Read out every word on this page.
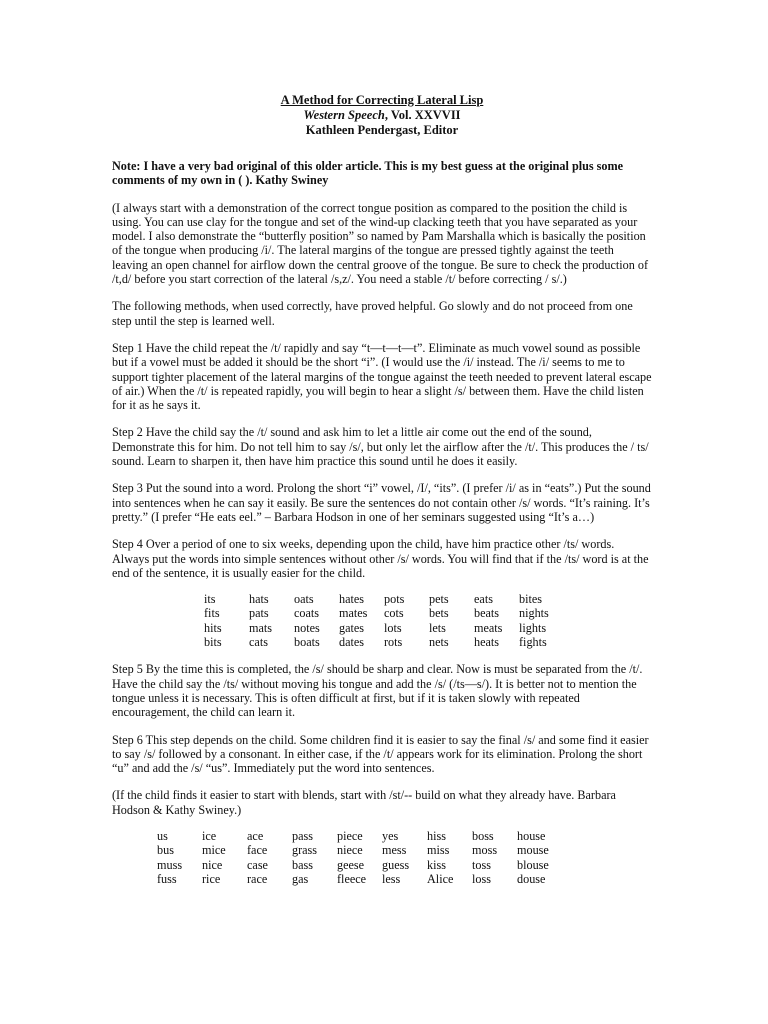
A Method for Correcting Lateral Lisp
Western Speech, Vol. XXVVII
Kathleen Pendergast, Editor

Note: I have a very bad original of this older article. This is my best guess at the original plus some comments of my own in ( ). Kathy Swiney

(I always start with a demonstration of the correct tongue position as compared to the position the child is using. You can use clay for the tongue and set of the wind-up clacking teeth that you have separated as your model. I also demonstrate the “butterfly position” so named by Pam Marshalla which is basically the position of the tongue when producing /i/. The lateral margins of the tongue are pressed tightly against the teeth leaving an open channel for airflow down the central groove of the tongue. Be sure to check the production of /t,d/ before you start correction of the lateral /s,z/. You need a stable /t/ before correcting / s/.)

The following methods, when used correctly, have proved helpful. Go slowly and do not proceed from one step until the step is learned well.

Step 1 Have the child repeat the /t/ rapidly and say “t—t—t—t”. Eliminate as much vowel sound as possible but if a vowel must be added it should be the short “i”. (I would use the /i/ instead. The /i/ seems to me to support tighter placement of the lateral margins of the tongue against the teeth needed to prevent lateral escape of air.) When the /t/ is repeated rapidly, you will begin to hear a slight /s/ between them. Have the child listen for it as he says it.

Step 2 Have the child say the /t/ sound and ask him to let a little air come out the end of the sound, Demonstrate this for him. Do not tell him to say /s/, but only let the airflow after the /t/. This produces the / ts/ sound. Learn to sharpen it, then have him practice this sound until he does it easily.

Step 3 Put the sound into a word. Prolong the short “i” vowel, /I/, “its”. (I prefer /i/ as in “eats”.) Put the sound into sentences when he can say it easily. Be sure the sentences do not contain other /s/ words. “It’s raining. It’s pretty.” (I prefer “He eats eel.” – Barbara Hodson in one of her seminars suggested using “It’s a…)

Step 4 Over a period of one to six weeks, depending upon the child, have him practice other /ts/ words. Always put the words into simple sentences without other /s/ words. You will find that if the /ts/ word is at the end of the sentence, it is usually easier for the child.

its	hats	oats	hates	pots	pets	eats	bites
fits	pats	coats	mates	cots	bets	beats	nights
hits	mats	notes	gates	lots	lets	meats	lights
bits	cats	boats	dates	rots	nets	heats	fights

Step 5 By the time this is completed, the /s/ should be sharp and clear. Now is must be separated from the /t/. Have the child say the /ts/ without moving his tongue and add the /s/ (/ts—s/). It is better not to mention the tongue unless it is necessary. This is often difficult at first, but if it is taken slowly with repeated encouragement, the child can learn it.

Step 6 This step depends on the child. Some children find it is easier to say the final /s/ and some find it easier to say /s/ followed by a consonant. In either case, if the /t/ appears work for its elimination. Prolong the short “u” and add the /s/ “us”. Immediately put the word into sentences.

(If the child finds it easier to start with blends, start with /st/-- build on what they already have. Barbara Hodson & Kathy Swiney.)

us	ice	ace	pass	piece	yes	hiss	boss	house
bus	mice	face	grass	niece	mess	miss	moss	mouse
muss	nice	case	bass	geese	guess	kiss	toss	blouse
fuss	rice	race	gas	fleece	less	Alice	loss	douse
